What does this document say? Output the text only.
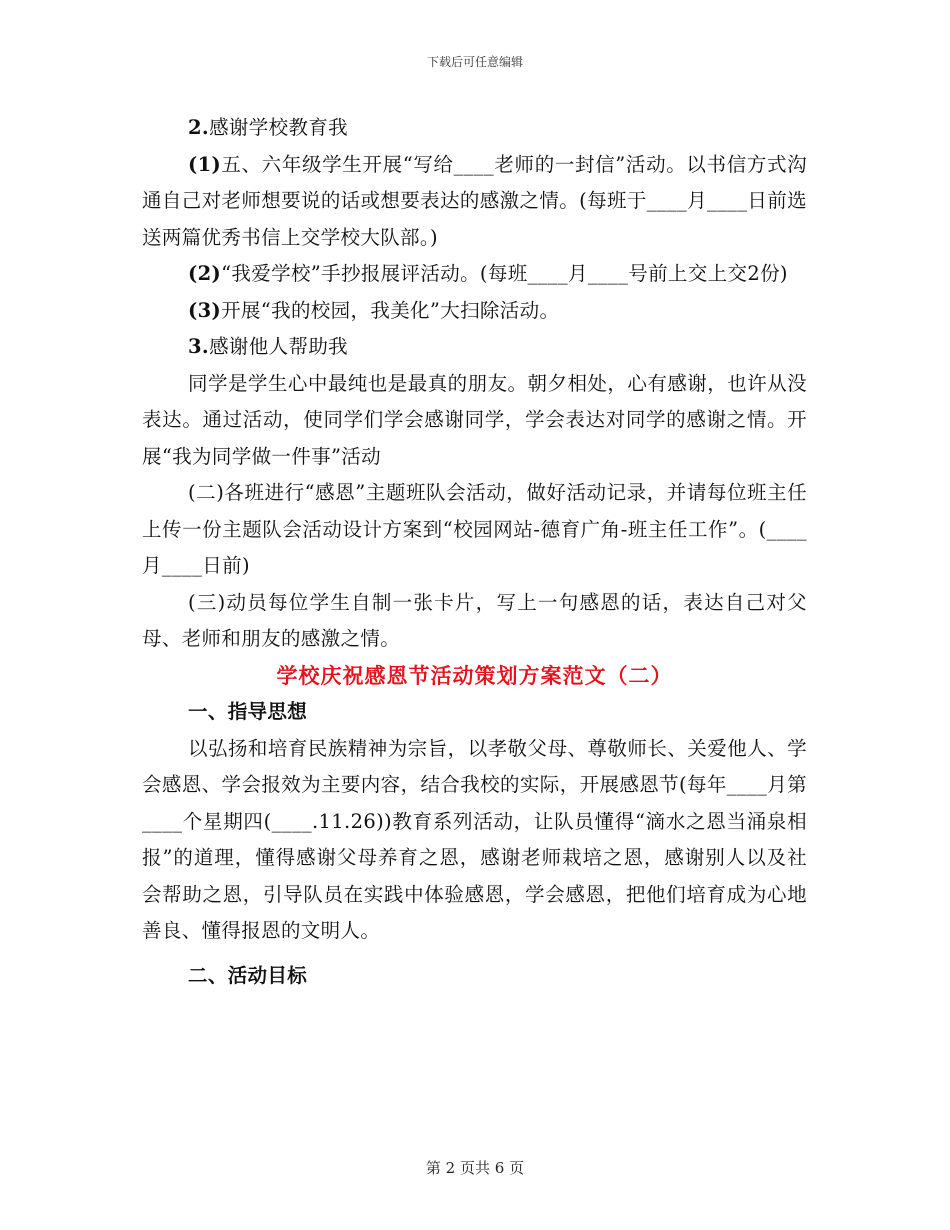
下载后可任意编辑

2.感谢学校教育我

(1)五、六年级学生开展“写给____老师的一封信”活动。以书信方式沟通自己对老师想要说的话或想要表达的感激之情。(每班于____月____日前选送两篇优秀书信上交学校大队部。)

(2)“我爱学校”手抄报展评活动。(每班____月____号前上交上交2份)

(3)开展“我的校园，我美化”大扫除活动。

3.感谢他人帮助我

同学是学生心中最纯也是最真的朋友。朝夕相处，心有感谢，也许从没表达。通过活动，使同学们学会感谢同学，学会表达对同学的感谢之情。开展“我为同学做一件事”活动

(二)各班进行“感恩”主题班队会活动，做好活动记录，并请每位班主任上传一份主题队会活动设计方案到“校园网站-德育广角-班主任工作”。(____月____日前)

(三)动员每位学生自制一张卡片，写上一句感恩的话，表达自己对父母、老师和朋友的感激之情。

学校庆祝感恩节活动策划方案范文（二）

一、指导思想

以弘扬和培育民族精神为宗旨，以孝敬父母、尊敬师长、关爱他人、学会感恩、学会报效为主要内容，结合我校的实际，开展感恩节(每年____月第____个星期四(____.11.26))教育系列活动，让队员懂得“滴水之恩当涌泉相报”的道理，懂得感谢父母养育之恩，感谢老师栽培之恩，感谢别人以及社会帮助之恩，引导队员在实践中体验感恩，学会感恩，把他们培育成为心地善良、懂得报恩的文明人。

二、活动目标

第 2 页共 6 页
